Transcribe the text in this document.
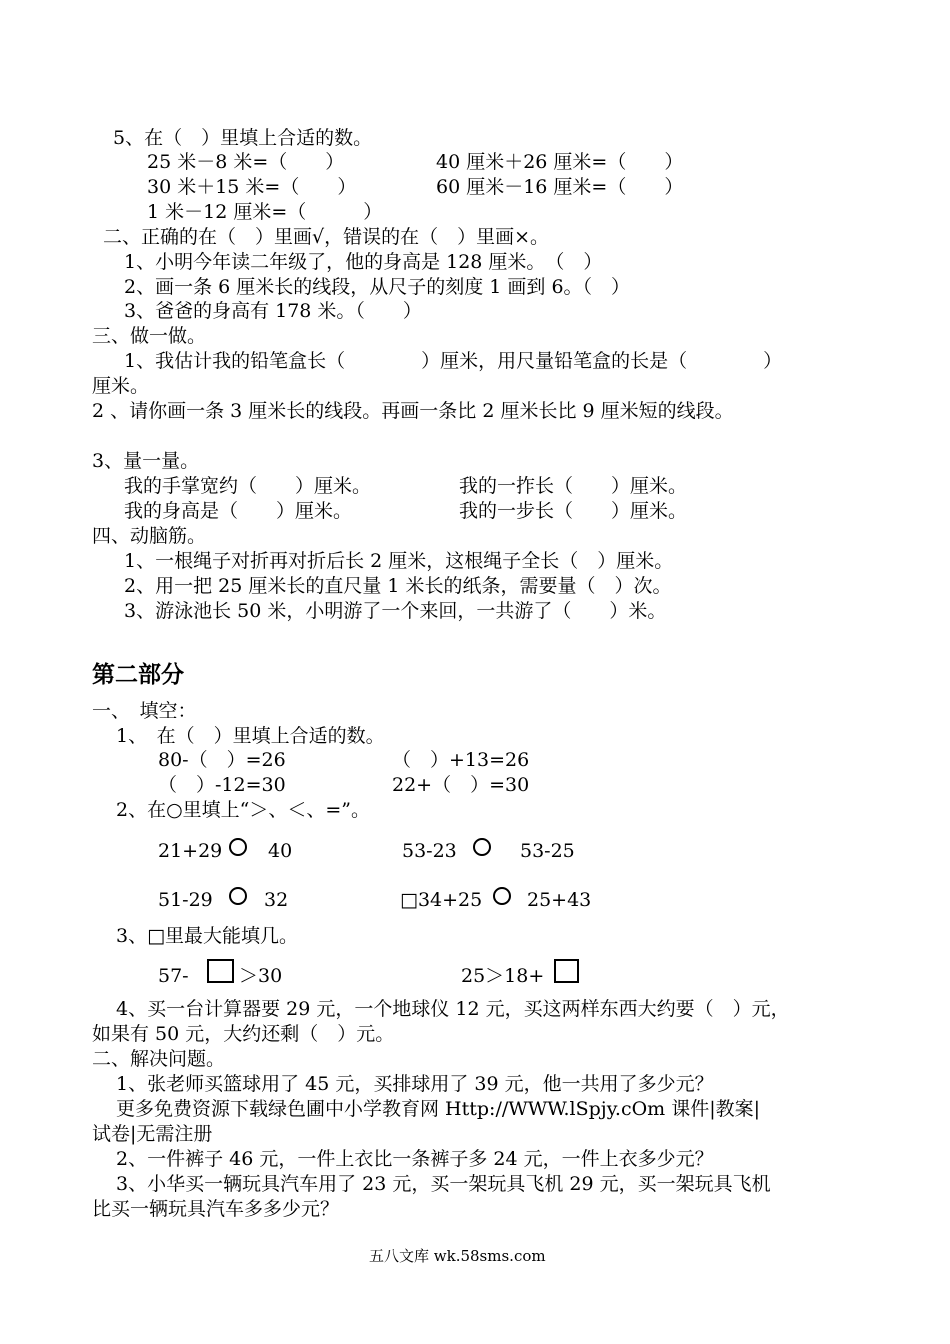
5、在（　）里填上合适的数。
25 米－8 米=（　　）	40 厘米＋26 厘米=（　　）
30 米＋15 米=（　　）	60 厘米－16 厘米=（　　）
1 米－12 厘米=（　　　）
二、正确的在（　）里画√，错误的在（　）里画×。
1、小明今年读二年级了，他的身高是 128 厘米。　（　）
2、画一条 6 厘米长的线段，从尺子的刻度 1 画到 6。（　）
3、爸爸的身高有 178 米。（　　）
三、做一做。
1、我估计我的铅笔盒长（　　　　）厘米，用尺量铅笔盒的长是（　　　　）
厘米。
2 、请你画一条 3 厘米长的线段。再画一条比 2 厘米长比 9 厘米短的线段。
3、量一量。
我的手掌宽约（　　）厘米。	我的一拃长（　　）厘米。
我的身高是（　　）厘米。	我的一步长（　　）厘米。
四、动脑筋。
1、一根绳子对折再对折后长 2 厘米，这根绳子全长（　）厘米。
2、用一把 25 厘米长的直尺量 1 米长的纸条，需要量（　）次。
3、游泳池长 50 米，小明游了一个来回，一共游了（　　）米。
第二部分
一、　填空：
1、　在（　）里填上合适的数。
80-（　）=26	（　）+13=26
（　）-12=30	22+（　）=30
2、在○里填上“＞、＜、=”。
21+29 40	53-23	53-25
51-29	32	□34+25 25+43
3、□里最大能填几。
57-	＞30	25＞18+
4、买一台计算器要 29 元，一个地球仪 12 元，买这两样东西大约要（　）元，
如果有 50 元，大约还剩（　）元。
二、解决问题。
1、张老师买篮球用了 45 元，买排球用了 39 元，他一共用了多少元？
更多免费资源下载绿色圃中小学教育网 Http://WWW.lSpjy.cOm 课件|教案|
试卷|无需注册
2、一件裤子 46 元，一件上衣比一条裤子多 24 元，一件上衣多少元？
3、小华买一辆玩具汽车用了 23 元，买一架玩具飞机 29 元，买一架玩具飞机
比买一辆玩具汽车多多少元？
五八文库 wk.58sms.com
